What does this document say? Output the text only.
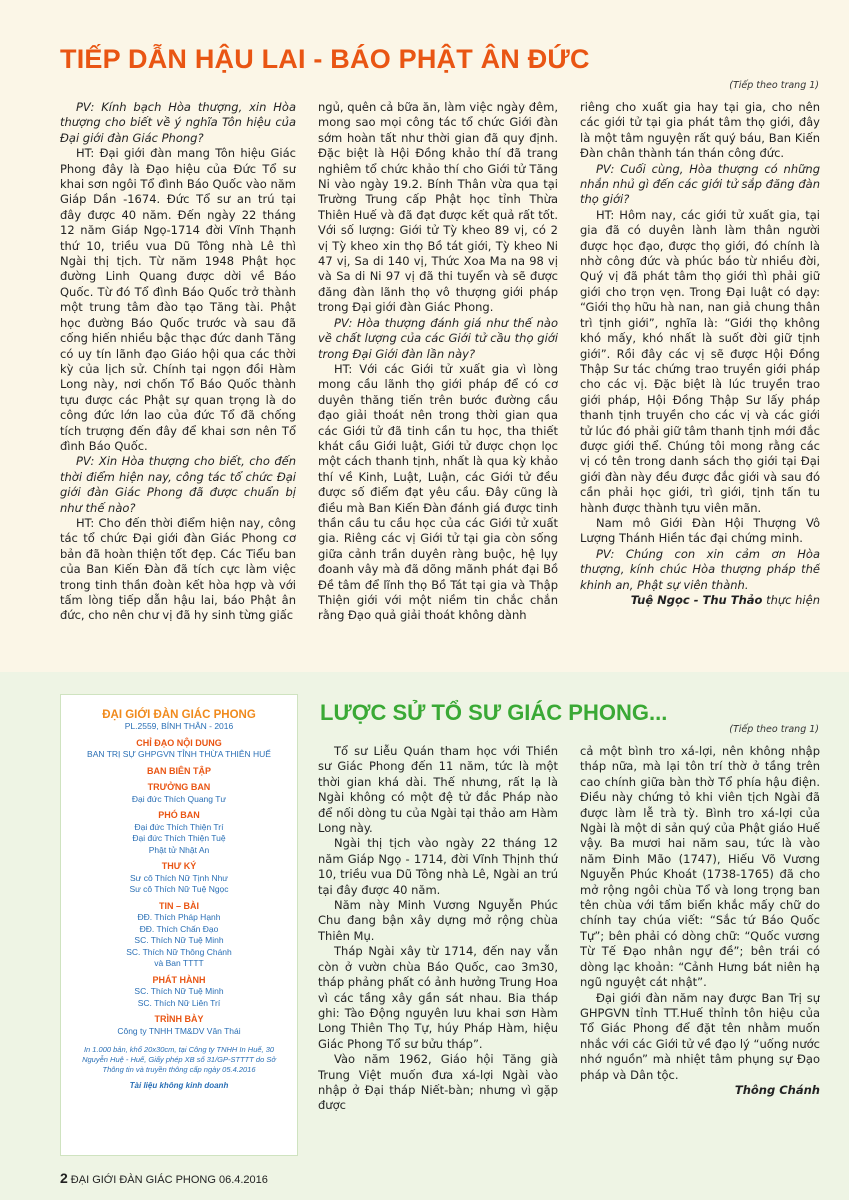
TIẾP DẪN HẬU LAI - BÁO PHẬT ÂN ĐỨC
(Tiếp theo trang 1)

PV: Kính bạch Hòa thượng, xin Hòa thượng cho biết về ý nghĩa Tôn hiệu của Đại giới đàn Giác Phong?

HT: Đại giới đàn mang Tôn hiệu Giác Phong đây là Đạo hiệu của Đức Tổ sư khai sơn ngôi Tổ đình Báo Quốc vào năm Giáp Dần -1674. Đức Tổ sư an trú tại đây được 40 năm. Đến ngày 22 tháng 12 năm Giáp Ngọ-1714 đời Vĩnh Thạnh thứ 10, triều vua Dũ Tông nhà Lê thì Ngài thị tịch. Từ năm 1948 Phật học đường Linh Quang được dời về Báo Quốc. Từ đó Tổ đình Báo Quốc trở thành một trung tâm đào tạo Tăng tài. Phật học đường Báo Quốc trước và sau đã cống hiến nhiều bậc thạc đức danh Tăng có uy tín lãnh đạo Giáo hội qua các thời kỳ của lịch sử. Chính tại ngọn đồi Hàm Long này, nơi chốn Tổ Báo Quốc thành tựu được các Phật sự quan trọng là do công đức lớn lao của đức Tổ đã chống tích trượng đến đây để khai sơn nên Tổ đình Báo Quốc.

PV: Xin Hòa thượng cho biết, cho đến thời điểm hiện nay, công tác tổ chức Đại giới đàn Giác Phong đã được chuẩn bị như thế nào?

HT: Cho đến thời điểm hiện nay, công tác tổ chức Đại giới đàn Giác Phong cơ bản đã hoàn thiện tốt đẹp. Các Tiểu ban của Ban Kiến Đàn đã tích cực làm việc trong tinh thần đoàn kết hòa hợp và với tấm lòng tiếp dẫn hậu lai, báo Phật ân đức, cho nên chư vị đã hy sinh từng giấc

ngủ, quên cả bữa ăn, làm việc ngày đêm, mong sao mọi công tác tổ chức Giới đàn sớm hoàn tất như thời gian đã quy định. Đặc biệt là Hội Đồng khảo thí đã trang nghiêm tổ chức khảo thí cho Giới tử Tăng Ni vào ngày 19.2. Bính Thân vừa qua tại Trường Trung cấp Phật học tỉnh Thừa Thiên Huế và đã đạt được kết quả rất tốt. Với số lượng: Giới tử Tỳ kheo 89 vị, có 2 vị Tỳ kheo xin thọ Bồ tát giới, Tỳ kheo Ni 47 vị, Sa di 140 vị, Thức Xoa Ma na 98 vị và Sa di Ni 97 vị đã thi tuyển và sẽ được đăng đàn lãnh thọ vô thượng giới pháp trong Đại giới đàn Giác Phong.

PV: Hòa thượng đánh giá như thế nào về chất lượng của các Giới tử cầu thọ giới trong Đại Giới đàn lần này?

HT: Với các Giới tử xuất gia vì lòng mong cầu lãnh thọ giới pháp để có cơ duyên thăng tiến trên bước đường cầu đạo giải thoát nên trong thời gian qua các Giới tử đã tinh cần tu học, tha thiết khát cầu Giới luật, Giới tử được chọn lọc một cách thanh tịnh, nhất là qua kỳ khảo thí về Kinh, Luật, Luận, các Giới tử đều được số điểm đạt yêu cầu. Đây cũng là điều mà Ban Kiến Đàn đánh giá được tinh thần cầu tu cầu học của các Giới tử xuất gia. Riêng các vị Giới tử tại gia còn sống giữa cảnh trần duyên ràng buộc, hệ lụy đoanh vây mà đã dõng mãnh phát đại Bồ Đề tâm để lĩnh thọ Bồ Tát tại gia và Thập Thiện giới với một niềm tin chắc chắn rằng Đạo quả giải thoát không dành

riêng cho xuất gia hay tại gia, cho nên các giới tử tại gia phát tâm thọ giới, đây là một tâm nguyện rất quý báu, Ban Kiến Đàn chân thành tán thán công đức.

PV: Cuối cùng, Hòa thượng có những nhắn nhủ gì đến các giới tử sắp đăng đàn thọ giới?

HT: Hôm nay, các giới tử xuất gia, tại gia đã có duyên lành làm thân người được học đạo, được thọ giới, đó chính là nhờ công đức và phúc báo từ nhiều đời, Quý vị đã phát tâm thọ giới thì phải giữ giới cho trọn vẹn. Trong Đại luật có dạy: “Giới thọ hữu hà nan, nan giả chung thân trì tịnh giới”, nghĩa là: “Giới thọ không khó mấy, khó nhất là suốt đời giữ tịnh giới”. Rồi đây các vị sẽ được Hội Đồng Thập Sư tác chứng trao truyền giới pháp cho các vị. Đặc biệt là lúc truyền trao giới pháp, Hội Đồng Thập Sư lấy pháp thanh tịnh truyền cho các vị và các giới tử lúc đó phải giữ tâm thanh tịnh mới đắc được giới thể. Chúng tôi mong rằng các vị có tên trong danh sách thọ giới tại Đại giới đàn này đều được đắc giới và sau đó cần phải học giới, trì giới, tịnh tấn tu hành được thành tựu viên mãn.

Nam mô Giới Đàn Hội Thượng Vô Lượng Thánh Hiền tác đại chứng minh.

PV: Chúng con xin cảm ơn Hòa thượng, kính chúc Hòa thượng pháp thể khinh an, Phật sự viên thành.

Tuệ Ngọc - Thu Thảo thực hiện

ĐẠI GIỚI ĐÀN GIÁC PHONG
PL.2559, BÍNH THÂN - 2016
CHỈ ĐẠO NỘI DUNG
BAN TRỊ SỰ GHPGVN TỈNH THỪA THIÊN HUẾ
BAN BIÊN TẬP
TRƯỞNG BAN
Đại đức Thích Quang Tư
PHÓ BAN
Đại đức Thích Thiện Trí
Đại đức Thích Thiện Tuệ
Phật tử Nhật An
THƯ KÝ
Sư cô Thích Nữ Tịnh Như
Sư cô Thích Nữ Tuệ Ngọc
TIN – BÀI
ĐĐ. Thích Pháp Hạnh
ĐĐ. Thích Chấn Đạo
SC. Thích Nữ Tuệ Minh
SC. Thích Nữ Thông Chánh
và Ban TTTT
PHÁT HÀNH
SC. Thích Nữ Tuệ Minh
SC. Thích Nữ Liên Trí
TRÌNH BÀY
Công ty TNHH TM&DV Vân Thái
In 1.000 bản, khổ 20x30cm, tại Công ty TNHH In Huế, 30 Nguyễn Huệ - Huế, Giấy phép XB số 31/GP-STTTT do Sở Thông tin và truyền thông cấp ngày 05.4.2016
Tài liệu không kinh doanh
LƯỢC SỬ TỔ SƯ GIÁC PHONG...
(Tiếp theo trang 1)

Tổ sư Liễu Quán tham học với Thiền sư Giác Phong đến 11 năm, tức là một thời gian khá dài. Thế nhưng, rất lạ là Ngài không có một đệ tử đắc Pháp nào để nối dòng tu của Ngài tại thảo am Hàm Long này.

Ngài thị tịch vào ngày 22 tháng 12 năm Giáp Ngọ - 1714, đời Vĩnh Thịnh thứ 10, triều vua Dũ Tông nhà Lê, Ngài an trú tại đây được 40 năm.

Năm này Minh Vương Nguyễn Phúc Chu đang bận xây dựng mở rộng chùa Thiên Mụ.

Tháp Ngài xây từ 1714, đến nay vẫn còn ở vườn chùa Báo Quốc, cao 3m30, tháp phảng phất có ảnh hưởng Trung Hoa vì các tầng xây gần sát nhau. Bia tháp ghi: Tào Động nguyên lưu khai sơn Hàm Long Thiên Thọ Tự, húy Pháp Hàm, hiệu Giác Phong Tổ sư bửu tháp”.

Vào năm 1962, Giáo hội Tăng già Trung Việt muốn đưa xá-lợi Ngài vào nhập ở Đại tháp Niết-bàn; nhưng vì gặp được

cả một bình tro xá-lợi, nên không nhập tháp nữa, mà lại tôn trí thờ ở tầng trên cao chính giữa bàn thờ Tổ phía hậu điện. Điều này chứng tỏ khi viên tịch Ngài đã được làm lễ trà tỳ. Bình tro xá-lợi của Ngài là một di sản quý của Phật giáo Huế vậy. Ba mươi hai năm sau, tức là vào năm Đinh Mão (1747), Hiếu Võ Vương Nguyễn Phúc Khoát (1738-1765) đã cho mở rộng ngôi chùa Tổ và long trọng ban tên chùa với tấm biển khắc mấy chữ do chính tay chúa viết: “Sắc tứ Báo Quốc Tự”; bên phải có dòng chữ: “Quốc vương Từ Tế Đạo nhân ngự đề”; bên trái có dòng lạc khoản: “Cảnh Hưng bát niên hạ ngũ nguyệt cát nhật”.

Đại giới đàn năm nay được Ban Trị sự GHPGVN tỉnh TT.Huế thỉnh tôn hiệu của Tổ Giác Phong để đặt tên nhằm muốn nhắc với các Giới tử về đạo lý “uống nước nhớ nguồn” mà nhiệt tâm phụng sự Đạo pháp và Dân tộc.

Thông Chánh

2 ĐẠI GIỚI ĐÀN GIÁC PHONG 06.4.2016
